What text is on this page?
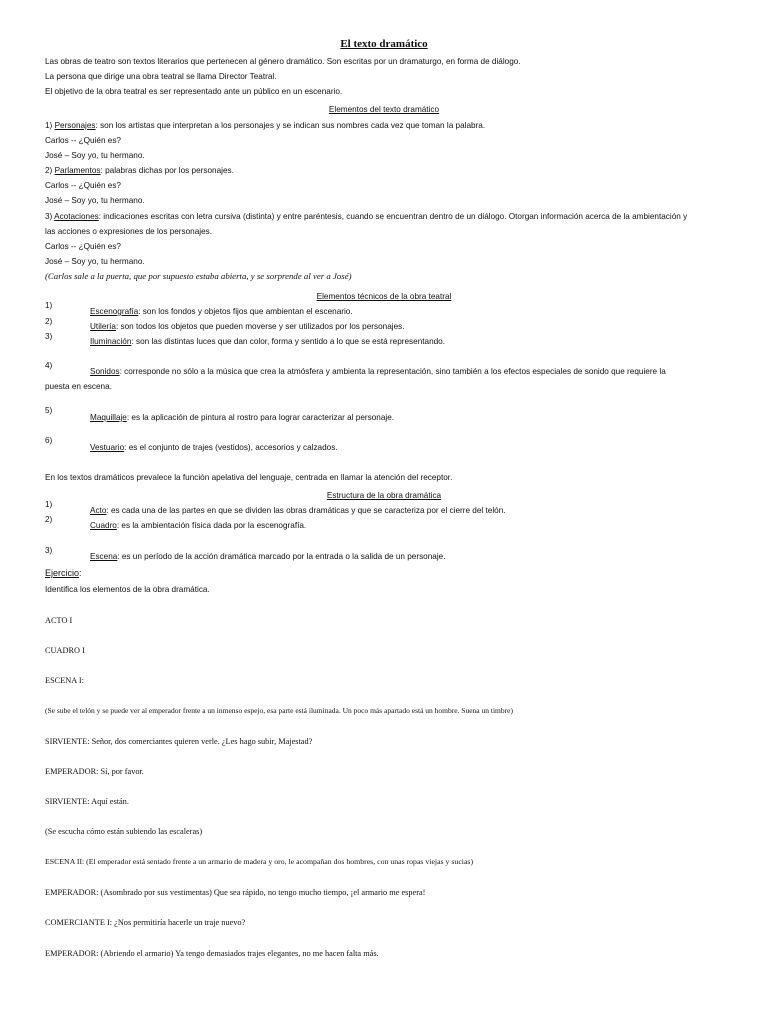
El texto dramático
Las obras de teatro son textos literarios que pertenecen al género dramático. Son escritas por un dramaturgo, en forma de diálogo.
La persona que dirige una obra teatral se llama Director Teatral.
El objetivo de la obra teatral es ser representado ante un público en un escenario.
Elementos del texto dramático
1) Personajes: son los artistas que interpretan a los personajes y se indican sus nombres cada vez que toman la palabra.
Carlos -- ¿Quién es?
José – Soy yo, tu hermano.
2) Parlamentos: palabras dichas por los personajes.
Carlos -- ¿Quién es?
José – Soy yo, tu hermano.
3) Acotaciones: indicaciones escritas con letra cursiva (distinta) y entre paréntesis, cuando se encuentran dentro de un diálogo. Otorgan información acerca de la ambientación y
las acciones o expresiones de los personajes.
Carlos -- ¿Quién es?
José – Soy yo, tu hermano.
(Carlos sale a la puerta, que por supuesto estaba abierta, y se sorprende al ver a José)
Elementos técnicos de la obra teatral
1)
2)
3)
Escenografía: son los fondos y objetos fijos que ambientan el escenario.
Utilería: son todos los objetos que pueden moverse y ser utilizados por los personajes.
Iluminación: son las distintas luces que dan color, forma y sentido a lo que se está representando.
4)
Sonidos: corresponde no sólo a la música que crea la atmósfera y ambienta la representación, sino también a los efectos especiales de sonido que requiere la
puesta en escena.
5)
Maquillaje: es la aplicación de pintura al rostro para lograr caracterizar al personaje.
6)
Vestuario: es el conjunto de trajes (vestidos), accesorios y calzados.
En los textos dramáticos prevalece la función apelativa del lenguaje, centrada en llamar la atención del receptor.
Estructura de la obra dramática
1)
2)
Acto: es cada una de las partes en que se dividen las obras dramáticas y que se caracteriza por el cierre del telón.
Cuadro: es la ambientación física dada por la escenografía.
3)
Escena: es un período de la acción dramática marcado por la entrada o la salida de un personaje.
Ejercicio:
Identifica los elementos de la obra dramática.
ACTO I
CUADRO I
ESCENA I:
(Se sube el telón y se puede ver al emperador frente a un inmenso espejo, esa parte está iluminada. Un poco más apartado está un hombre. Suena un timbre)
SIRVIENTE: Señor, dos comerciantes quieren verle. ¿Les hago subir, Majestad?
EMPERADOR: Sí, por favor.
SIRVIENTE: Aquí están.
(Se escucha cómo están subiendo las escaleras)
ESCENA II: (El emperador está sentado frente a un armario de madera y oro, le acompañan dos hombres, con unas ropas viejas y sucias)
EMPERADOR: (Asombrado por sus vestimentas) Que sea rápido, no tengo mucho tiempo, ¡el armario me espera!
COMERCIANTE I: ¿Nos permitiría hacerle un traje nuevo?
EMPERADOR: (Abriendo el armario) Ya tengo demasiados trajes elegantes, no me hacen falta más.
